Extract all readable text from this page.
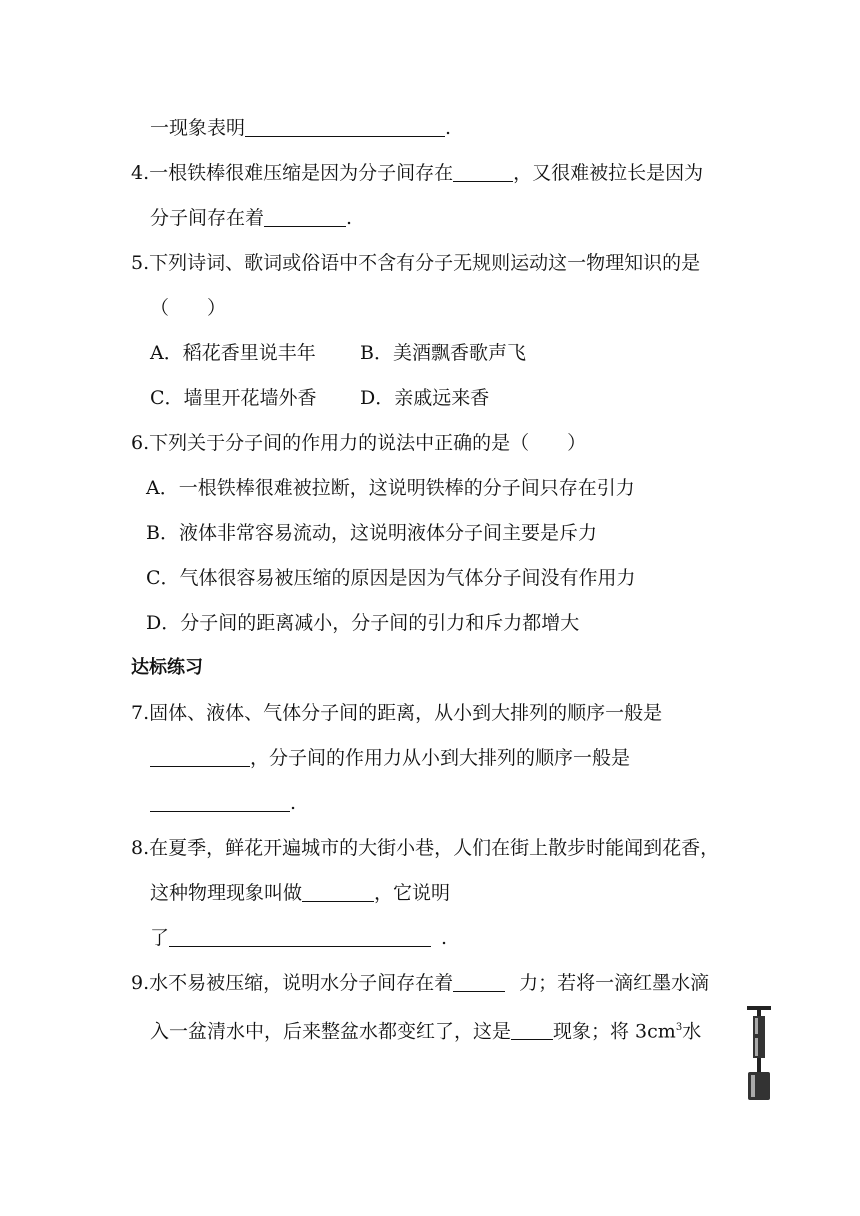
一现象表明	.
4.一根铁棒很难压缩是因为分子间存在	，又很难被拉长是因为
分子间存在着	.
5.下列诗词、歌词或俗语中不含有分子无规则运动这一物理知识的是
（　　）
A．稻花香里说丰年 B．美酒飘香歌声飞
C．墙里开花墙外香 D．亲戚远来香
6.下列关于分子间的作用力的说法中正确的是（　　）
A．一根铁棒很难被拉断，这说明铁棒的分子间只存在引力
B．液体非常容易流动，这说明液体分子间主要是斥力
C．气体很容易被压缩的原因是因为气体分子间没有作用力
D．分子间的距离减小，分子间的引力和斥力都增大
达标练习
7.固体、液体、气体分子间的距离，从小到大排列的顺序一般是
，分子间的作用力从小到大排列的顺序一般是
.
8.在夏季，鲜花开遍城市的大街小巷，人们在街上散步时能闻到花香，
这种物理现象叫做	，它说明
了	.
9.水不易被压缩，说明水分子间存在着	力；若将一滴红墨水滴
入一盆清水中，后来整盆水都变红了，这是 现象；将 $3cm^3$水
